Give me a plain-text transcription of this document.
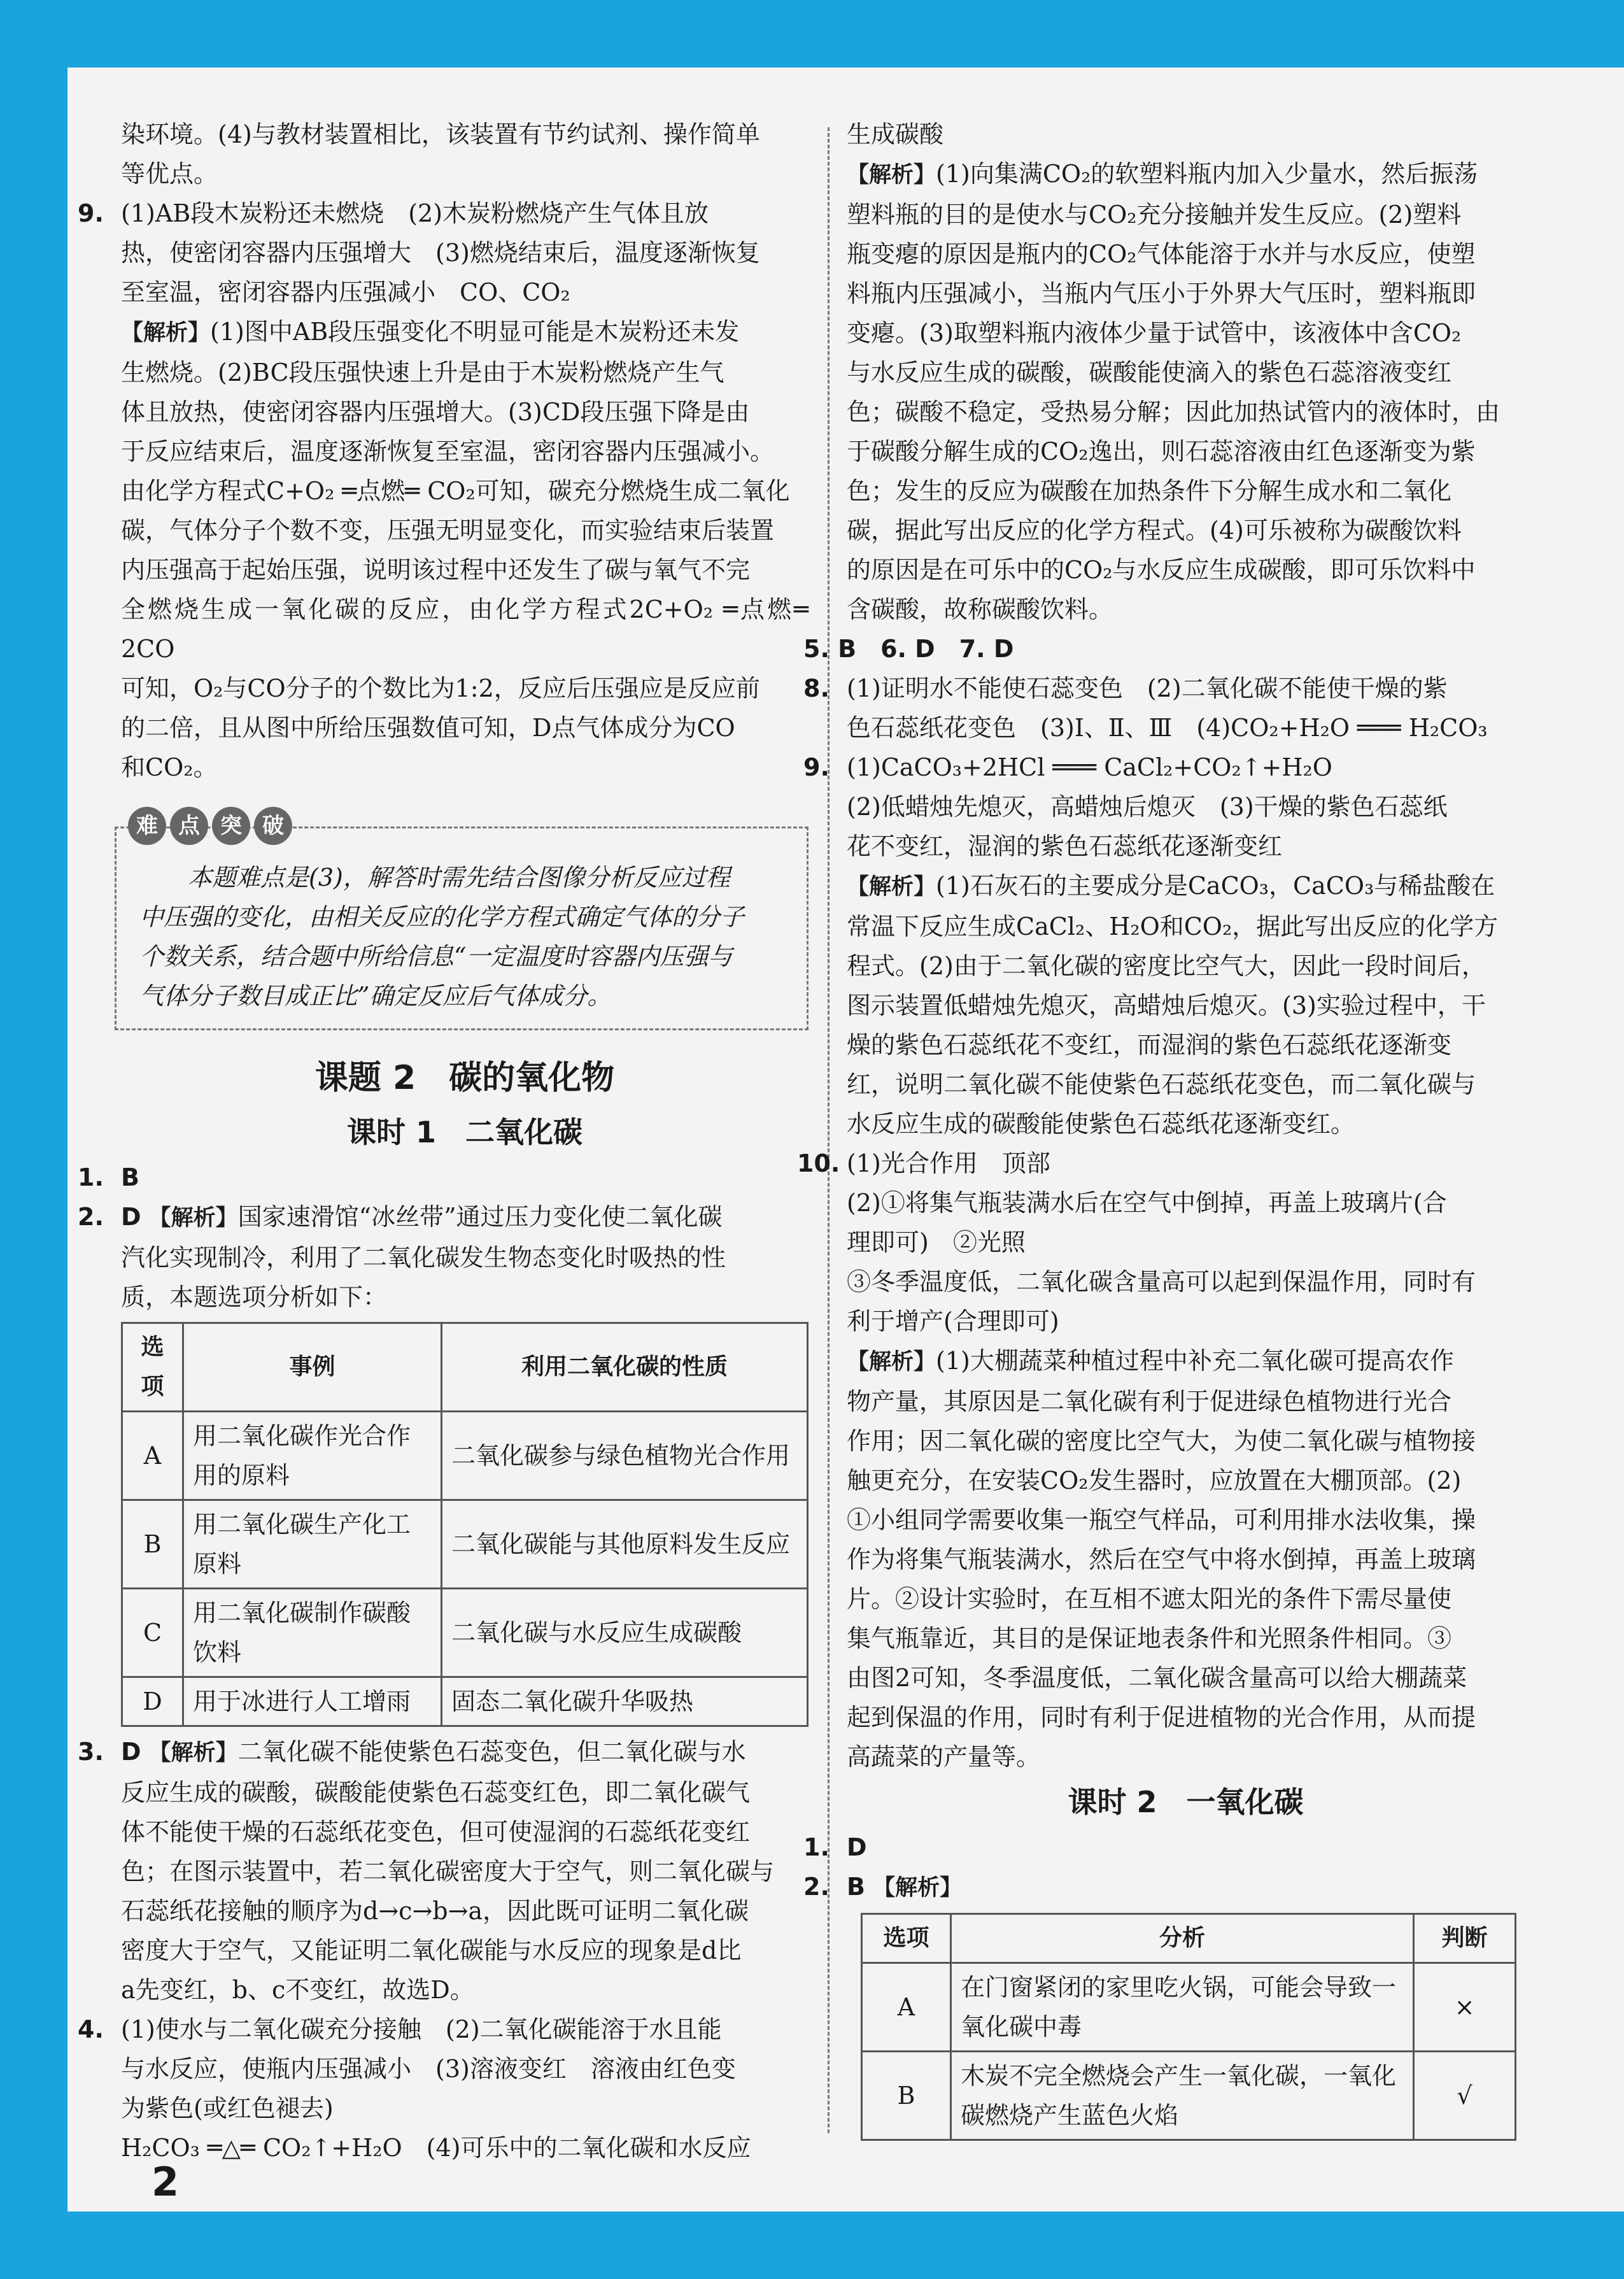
染环境。(4)与教材装置相比，该装置有节约试剂、操作简单

等优点。

9. (1)AB段木炭粉还未燃烧　(2)木炭粉燃烧产生气体且放

热，使密闭容器内压强增大　(3)燃烧结束后，温度逐渐恢复

至室温，密闭容器内压强减小　CO、CO₂

【解析】(1)图中AB段压强变化不明显可能是木炭粉还未发

生燃烧。(2)BC段压强快速上升是由于木炭粉燃烧产生气

体且放热，使密闭容器内压强增大。(3)CD段压强下降是由

于反应结束后，温度逐渐恢复至室温，密闭容器内压强减小。

由化学方程式C+O₂ ═点燃═ CO₂可知，碳充分燃烧生成二氧化

碳，气体分子个数不变，压强无明显变化，而实验结束后装置

内压强高于起始压强，说明该过程中还发生了碳与氧气不完

全燃烧生成一氧化碳的反应，由化学方程式2C+O₂ ═点燃═ 2CO

可知，O₂与CO分子的个数比为1:2，反应后压强应是反应前

的二倍，且从图中所给压强数值可知，D点气体成分为CO

和CO₂。

难 点 突 破

本题难点是(3)，解答时需先结合图像分析反应过程

中压强的变化，由相关反应的化学方程式确定气体的分子

个数关系，结合题中所给信息“一定温度时容器内压强与

气体分子数目成正比”确定反应后气体成分。

课题 2　碳的氧化物
课时 1　二氧化碳
1. B

2. D 【解析】国家速滑馆“冰丝带”通过压力变化使二氧化碳

汽化实现制冷，利用了二氧化碳发生物态变化时吸热的性

质，本题选项分析如下：

选项	事例	利用二氧化碳的性质
A	用二氧化碳作光合作用的原料	二氧化碳参与绿色植物光合作用
B	用二氧化碳生产化工原料	二氧化碳能与其他原料发生反应
C	用二氧化碳制作碳酸饮料	二氧化碳与水反应生成碳酸
D	用于冰进行人工增雨	固态二氧化碳升华吸热
3. D 【解析】二氧化碳不能使紫色石蕊变色，但二氧化碳与水

反应生成的碳酸，碳酸能使紫色石蕊变红色，即二氧化碳气

体不能使干燥的石蕊纸花变色，但可使湿润的石蕊纸花变红

色；在图示装置中，若二氧化碳密度大于空气，则二氧化碳与

石蕊纸花接触的顺序为d→c→b→a，因此既可证明二氧化碳

密度大于空气，又能证明二氧化碳能与水反应的现象是d比

a先变红，b、c不变红，故选D。

4. (1)使水与二氧化碳充分接触　(2)二氧化碳能溶于水且能

与水反应，使瓶内压强减小　(3)溶液变红　溶液由红色变

为紫色(或红色褪去)

H₂CO₃ ═△═ CO₂↑+H₂O　(4)可乐中的二氧化碳和水反应

生成碳酸

【解析】(1)向集满CO₂的软塑料瓶内加入少量水，然后振荡

塑料瓶的目的是使水与CO₂充分接触并发生反应。(2)塑料

瓶变瘪的原因是瓶内的CO₂气体能溶于水并与水反应，使塑

料瓶内压强减小，当瓶内气压小于外界大气压时，塑料瓶即

变瘪。(3)取塑料瓶内液体少量于试管中，该液体中含CO₂

与水反应生成的碳酸，碳酸能使滴入的紫色石蕊溶液变红

色；碳酸不稳定，受热易分解；因此加热试管内的液体时，由

于碳酸分解生成的CO₂逸出，则石蕊溶液由红色逐渐变为紫

色；发生的反应为碳酸在加热条件下分解生成水和二氧化

碳，据此写出反应的化学方程式。(4)可乐被称为碳酸饮料

的原因是在可乐中的CO₂与水反应生成碳酸，即可乐饮料中

含碳酸，故称碳酸饮料。

5. B　6. D　7. D

8. (1)证明水不能使石蕊变色　(2)二氧化碳不能使干燥的紫

色石蕊纸花变色　(3)Ⅰ、Ⅱ、Ⅲ　(4)CO₂+H₂O ═══ H₂CO₃

9. (1)CaCO₃+2HCl ═══ CaCl₂+CO₂↑+H₂O

(2)低蜡烛先熄灭，高蜡烛后熄灭　(3)干燥的紫色石蕊纸

花不变红，湿润的紫色石蕊纸花逐渐变红

【解析】(1)石灰石的主要成分是CaCO₃，CaCO₃与稀盐酸在

常温下反应生成CaCl₂、H₂O和CO₂，据此写出反应的化学方

程式。(2)由于二氧化碳的密度比空气大，因此一段时间后，

图示装置低蜡烛先熄灭，高蜡烛后熄灭。(3)实验过程中，干

燥的紫色石蕊纸花不变红，而湿润的紫色石蕊纸花逐渐变

红，说明二氧化碳不能使紫色石蕊纸花变色，而二氧化碳与

水反应生成的碳酸能使紫色石蕊纸花逐渐变红。

10. (1)光合作用　顶部

(2)①将集气瓶装满水后在空气中倒掉，再盖上玻璃片(合

理即可)　②光照

③冬季温度低，二氧化碳含量高可以起到保温作用，同时有

利于增产(合理即可)

【解析】(1)大棚蔬菜种植过程中补充二氧化碳可提高农作

物产量，其原因是二氧化碳有利于促进绿色植物进行光合

作用；因二氧化碳的密度比空气大，为使二氧化碳与植物接

触更充分，在安装CO₂发生器时，应放置在大棚顶部。(2)

①小组同学需要收集一瓶空气样品，可利用排水法收集，操

作为将集气瓶装满水，然后在空气中将水倒掉，再盖上玻璃

片。②设计实验时，在互相不遮太阳光的条件下需尽量使

集气瓶靠近，其目的是保证地表条件和光照条件相同。③

由图2可知，冬季温度低，二氧化碳含量高可以给大棚蔬菜

起到保温的作用，同时有利于促进植物的光合作用，从而提

高蔬菜的产量等。

课时 2　一氧化碳
1. D

2. B 【解析】

选项	分析	判断
A	在门窗紧闭的家里吃火锅，可能会导致一氧化碳中毒	×
B	木炭不完全燃烧会产生一氧化碳，一氧化碳燃烧产生蓝色火焰	√
2
